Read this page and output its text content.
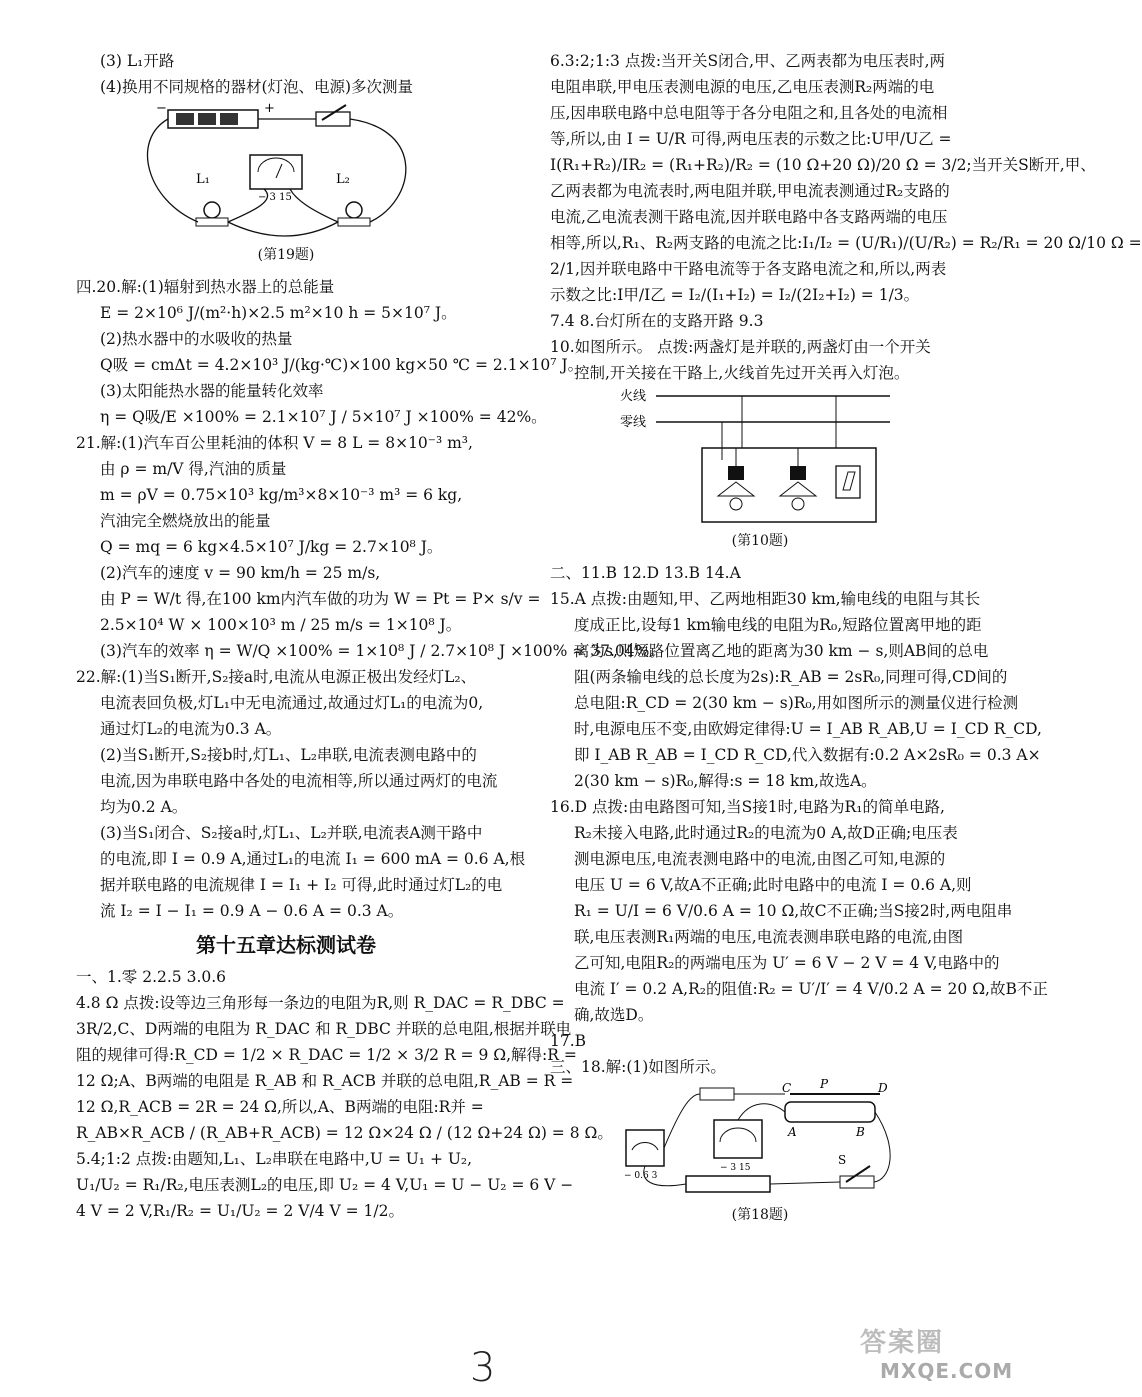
(3) L₁开路
(4)换用不同规格的器材(灯泡、电源)多次测量
−	+
− 3 15
L₁	L₂
(第19题)
四.20.解:(1)辐射到热水器上的总能量
E = 2×10⁶ J/(m²·h)×2.5 m²×10 h = 5×10⁷ J。
(2)热水器中的水吸收的热量
Q吸 = cmΔt = 4.2×10³ J/(kg·℃)×100 kg×50 ℃ = 2.1×10⁷ J。
(3)太阳能热水器的能量转化效率
η = Q吸/E ×100% = 2.1×10⁷ J / 5×10⁷ J ×100% = 42%。
21.解:(1)汽车百公里耗油的体积 V = 8 L = 8×10⁻³ m³,
由 ρ = m/V 得,汽油的质量
m = ρV = 0.75×10³ kg/m³×8×10⁻³ m³ = 6 kg,
汽油完全燃烧放出的能量
Q = mq = 6 kg×4.5×10⁷ J/kg = 2.7×10⁸ J。
(2)汽车的速度 v = 90 km/h = 25 m/s,
由 P = W/t 得,在100 km内汽车做的功为 W = Pt = P× s/v =
2.5×10⁴ W × 100×10³ m / 25 m/s = 1×10⁸ J。
(3)汽车的效率 η = W/Q ×100% = 1×10⁸ J / 2.7×10⁸ J ×100% ≈ 37.04%。
22.解:(1)当S₁断开,S₂接a时,电流从电源正极出发经灯L₂、
电流表回负极,灯L₁中无电流通过,故通过灯L₁的电流为0,
通过灯L₂的电流为0.3 A。
(2)当S₁断开,S₂接b时,灯L₁、L₂串联,电流表测电路中的
电流,因为串联电路中各处的电流相等,所以通过两灯的电流
均为0.2 A。
(3)当S₁闭合、S₂接a时,灯L₁、L₂并联,电流表A测干路中
的电流,即 I = 0.9 A,通过L₁的电流 I₁ = 600 mA = 0.6 A,根
据并联电路的电流规律 I = I₁ + I₂ 可得,此时通过灯L₂的电
流 I₂ = I − I₁ = 0.9 A − 0.6 A = 0.3 A。
第十五章达标测试卷
一、1.零 2.2.5 3.0.6
4.8 Ω 点拨:设等边三角形每一条边的电阻为R,则 R_DAC = R_DBC =
3R/2,C、D两端的电阻为 R_DAC 和 R_DBC 并联的总电阻,根据并联电
阻的规律可得:R_CD = 1/2 × R_DAC = 1/2 × 3/2 R = 9 Ω,解得:R =
12 Ω;A、B两端的电阻是 R_AB 和 R_ACB 并联的总电阻,R_AB = R =
12 Ω,R_ACB = 2R = 24 Ω,所以,A、B两端的电阻:R并 =
R_AB×R_ACB / (R_AB+R_ACB) = 12 Ω×24 Ω / (12 Ω+24 Ω) = 8 Ω。
5.4;1:2 点拨:由题知,L₁、L₂串联在电路中,U = U₁ + U₂,
U₁/U₂ = R₁/R₂,电压表测L₂的电压,即 U₂ = 4 V,U₁ = U − U₂ = 6 V −
4 V = 2 V,R₁/R₂ = U₁/U₂ = 2 V/4 V = 1/2。
6.3:2;1:3 点拨:当开关S闭合,甲、乙两表都为电压表时,两
电阻串联,甲电压表测电源的电压,乙电压表测R₂两端的电
压,因串联电路中总电阻等于各分电阻之和,且各处的电流相
等,所以,由 I = U/R 可得,两电压表的示数之比:U甲/U乙 =
I(R₁+R₂)/IR₂ = (R₁+R₂)/R₂ = (10 Ω+20 Ω)/20 Ω = 3/2;当开关S断开,甲、
乙两表都为电流表时,两电阻并联,甲电流表测通过R₂支路的
电流,乙电流表测干路电流,因并联电路中各支路两端的电压
相等,所以,R₁、R₂两支路的电流之比:I₁/I₂ = (U/R₁)/(U/R₂) = R₂/R₁ = 20 Ω/10 Ω =
2/1,因并联电路中干路电流等于各支路电流之和,所以,两表
示数之比:I甲/I乙 = I₂/(I₁+I₂) = I₂/(2I₂+I₂) = 1/3。
7.4 8.台灯所在的支路开路 9.3
10.如图所示。 点拨:两盏灯是并联的,两盏灯由一个开关
控制,开关接在干路上,火线首先过开关再入灯泡。
火线
零线
(第10题)
二、11.B 12.D 13.B 14.A
15.A 点拨:由题知,甲、乙两地相距30 km,输电线的电阻与其长
度成正比,设每1 km输电线的电阻为R₀,短路位置离甲地的距
离为s,则短路位置离乙地的距离为30 km − s,则AB间的总电
阻(两条输电线的总长度为2s):R_AB = 2sR₀,同理可得,CD间的
总电阻:R_CD = 2(30 km − s)R₀,用如图所示的测量仪进行检测
时,电源电压不变,由欧姆定律得:U = I_AB R_AB,U = I_CD R_CD,
即 I_AB R_AB = I_CD R_CD,代入数据有:0.2 A×2sR₀ = 0.3 A×
2(30 km − s)R₀,解得:s = 18 km,故选A。
16.D 点拨:由电路图可知,当S接1时,电路为R₁的简单电路,
R₂未接入电路,此时通过R₂的电流为0 A,故D正确;电压表
测电源电压,电流表测电路中的电流,由图乙可知,电源的
电压 U = 6 V,故A不正确;此时电路中的电流 I = 0.6 A,则
R₁ = U/I = 6 V/0.6 A = 10 Ω,故C不正确;当S接2时,两电阻串
联,电压表测R₁两端的电压,电流表测串联电路的电流,由图
乙可知,电阻R₂的两端电压为 U′ = 6 V − 2 V = 4 V,电路中的
电流 I′ = 0.2 A,R₂的阻值:R₂ = U′/I′ = 4 V/0.2 A = 20 Ω,故B不正
确,故选D。
17.B
三、18.解:(1)如图所示。
C P	D
A	B
− 0.6 3
− 3 15
S
(第18题)
3
答案圈
MXQE.COM
